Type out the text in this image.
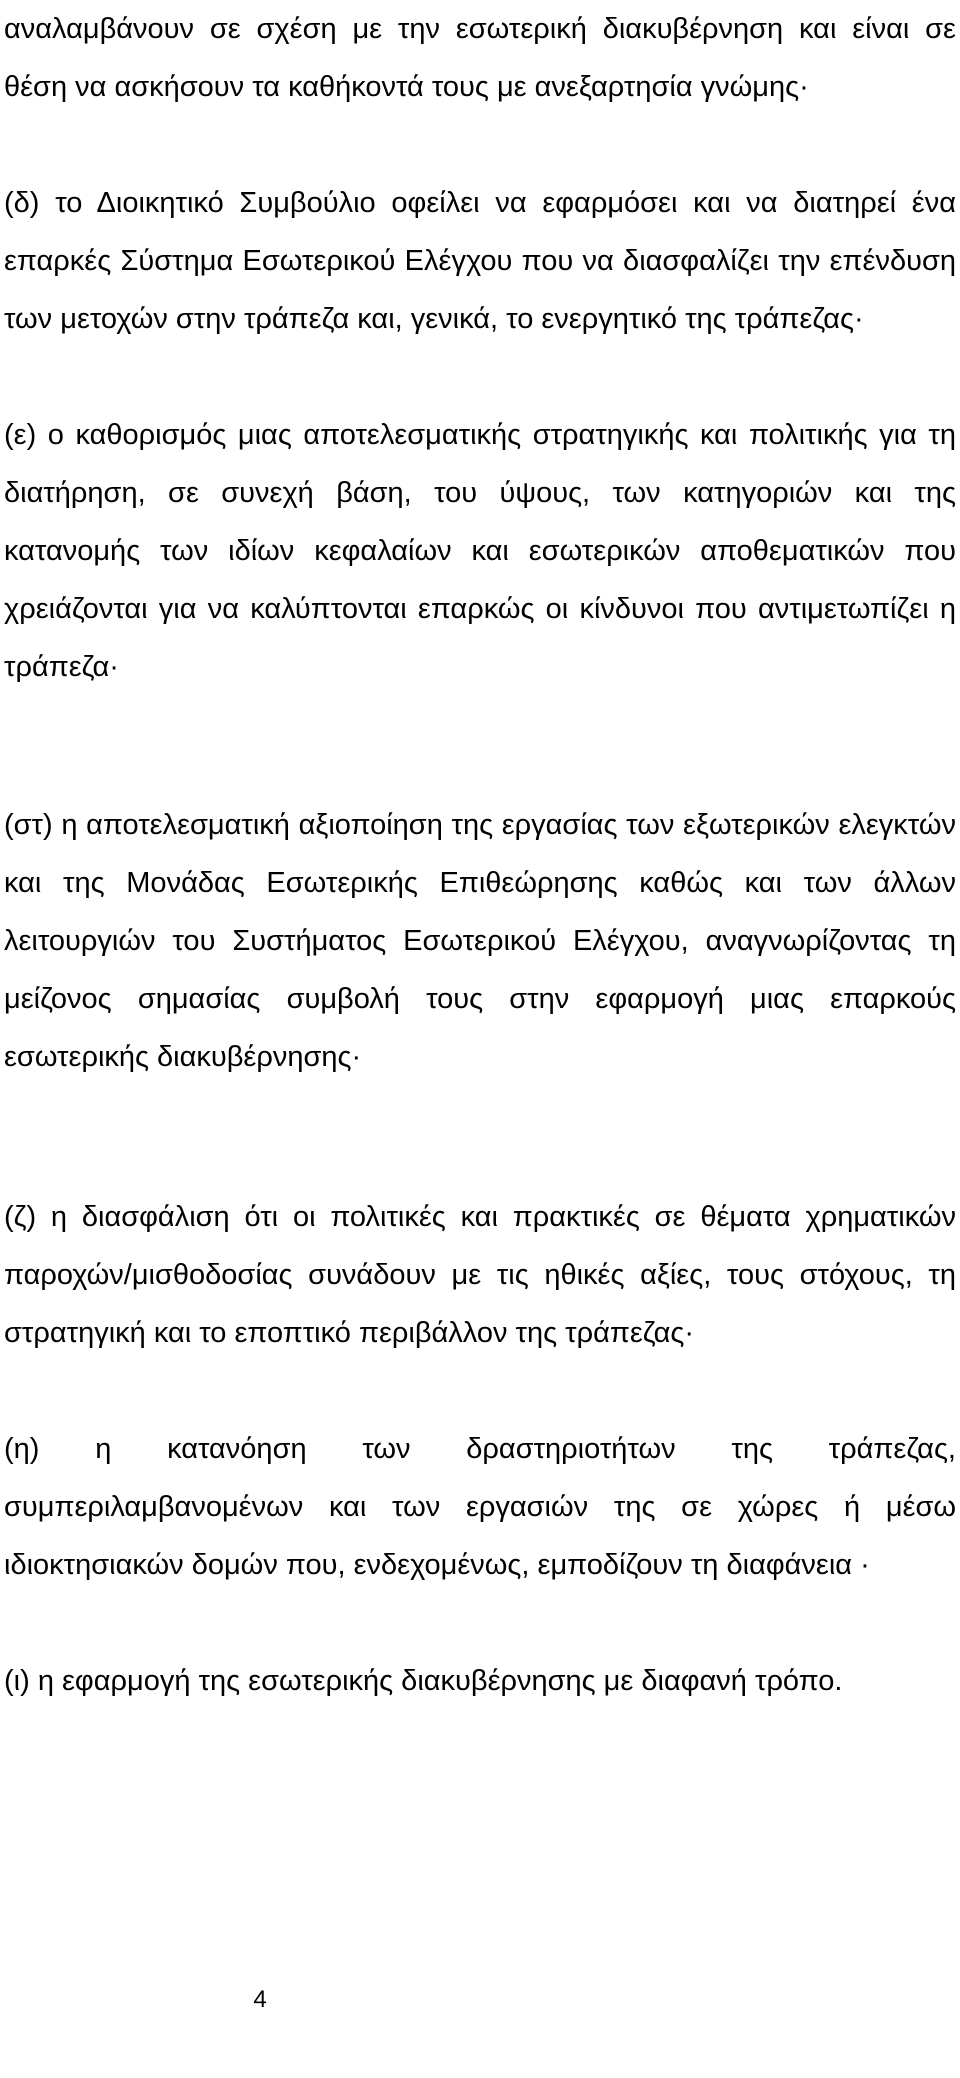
αναλαμβάνουν σε σχέση με την εσωτερική διακυβέρνηση και είναι σε θέση να ασκήσουν τα καθήκοντά τους με ανεξαρτησία γνώμης·

(δ) το Διοικητικό Συμβούλιο οφείλει να εφαρμόσει και να διατηρεί ένα επαρκές Σύστημα Εσωτερικού Ελέγχου που να διασφαλίζει την επένδυση των μετοχών στην τράπεζα και, γενικά, το ενεργητικό της τράπεζας·

(ε) ο καθορισμός μιας αποτελεσματικής στρατηγικής και πολιτικής για τη διατήρηση, σε συνεχή βάση, του ύψους, των κατηγοριών και της κατανομής των ιδίων κεφαλαίων και εσωτερικών αποθεματικών που χρειάζονται για να καλύπτονται επαρκώς οι κίνδυνοι που αντιμετωπίζει η τράπεζα·

(στ) η αποτελεσματική αξιοποίηση της εργασίας των εξωτερικών ελεγκτών και της Μονάδας Εσωτερικής Επιθεώρησης καθώς και των άλλων λειτουργιών του Συστήματος Εσωτερικού Ελέγχου, αναγνωρίζοντας τη μείζονος σημασίας συμβολή τους στην εφαρμογή μιας επαρκούς εσωτερικής διακυβέρνησης·

(ζ) η διασφάλιση ότι οι πολιτικές και πρακτικές σε θέματα χρηματικών παροχών/μισθοδοσίας συνάδουν με τις ηθικές αξίες, τους στόχους, τη στρατηγική και το εποπτικό περιβάλλον της τράπεζας·

(η) η κατανόηση των δραστηριοτήτων της τράπεζας, συμπεριλαμβανομένων και των εργασιών της σε χώρες ή μέσω ιδιοκτησιακών δομών που, ενδεχομένως, εμποδίζουν τη διαφάνεια ·

(ι) η εφαρμογή της εσωτερικής διακυβέρνησης με διαφανή τρόπο.

4
